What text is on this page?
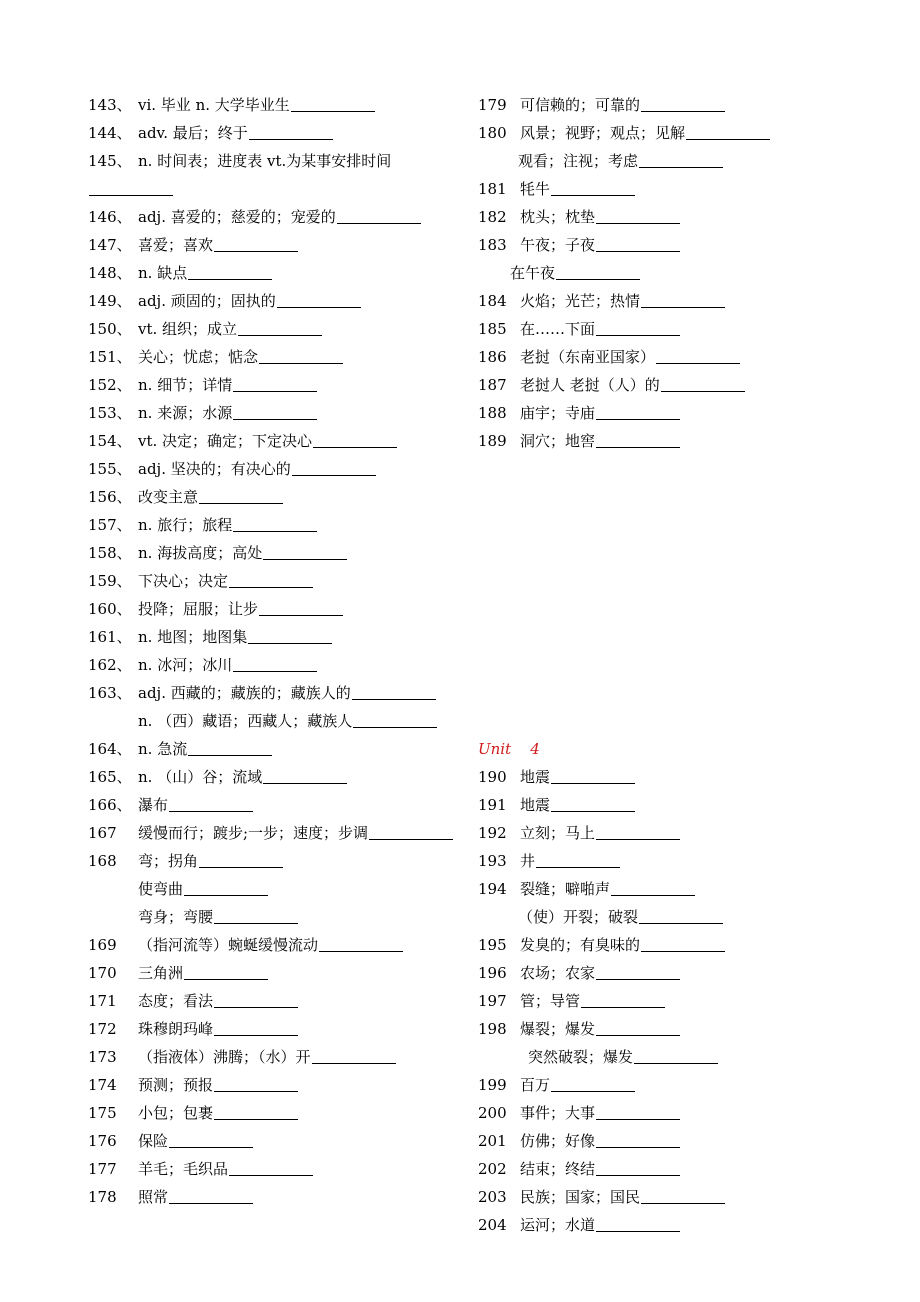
143、 vi. 毕业 n. 大学毕业生
144、 adv. 最后；终于
145、 n. 时间表；进度表 vt.为某事安排时间
146、 adj. 喜爱的；慈爱的；宠爱的
147、 喜爱；喜欢
148、 n. 缺点
149、 adj. 顽固的；固执的
150、 vt. 组织；成立
151、 关心；忧虑；惦念
152、 n. 细节；详情
153、 n. 来源；水源
154、 vt. 决定；确定；下定决心
155、 adj. 坚决的；有决心的
156、 改变主意
157、 n. 旅行；旅程
158、 n. 海拔高度；高处
159、 下决心；决定
160、 投降；屈服；让步
161、 n. 地图；地图集
162、 n. 冰河；冰川
163、 adj. 西藏的；藏族的；藏族人的
n. （西）藏语；西藏人；藏族人
164、 n. 急流
165、 n. （山）谷；流域
166、 瀑布
167 缓慢而行；踱步;一步；速度；步调
168 弯；拐角
使弯曲
弯身；弯腰
169 （指河流等）蜿蜒缓慢流动
170 三角洲
171 态度；看法
172 珠穆朗玛峰
173 （指液体）沸腾；（水）开
174 预测；预报
175 小包；包裹
176 保险
177 羊毛；毛织品
178 照常
179 可信赖的；可靠的
180 风景；视野；观点；见解
观看；注视；考虑
181 牦牛
182 枕头；枕垫
183 午夜；子夜
在午夜
184 火焰；光芒；热情
185 在……下面
186 老挝（东南亚国家）
187 老挝人 老挝（人）的
188 庙宇；寺庙
189 洞穴；地窖
Unit    4
190 地震
191 地震
192 立刻；马上
193 井
194 裂缝；噼啪声
（使）开裂；破裂
195 发臭的；有臭味的
196 农场；农家
197 管；导管
198 爆裂；爆发
突然破裂；爆发
199 百万
200 事件；大事
201 仿佛；好像
202 结束；终结
203 民族；国家；国民
204 运河；水道
